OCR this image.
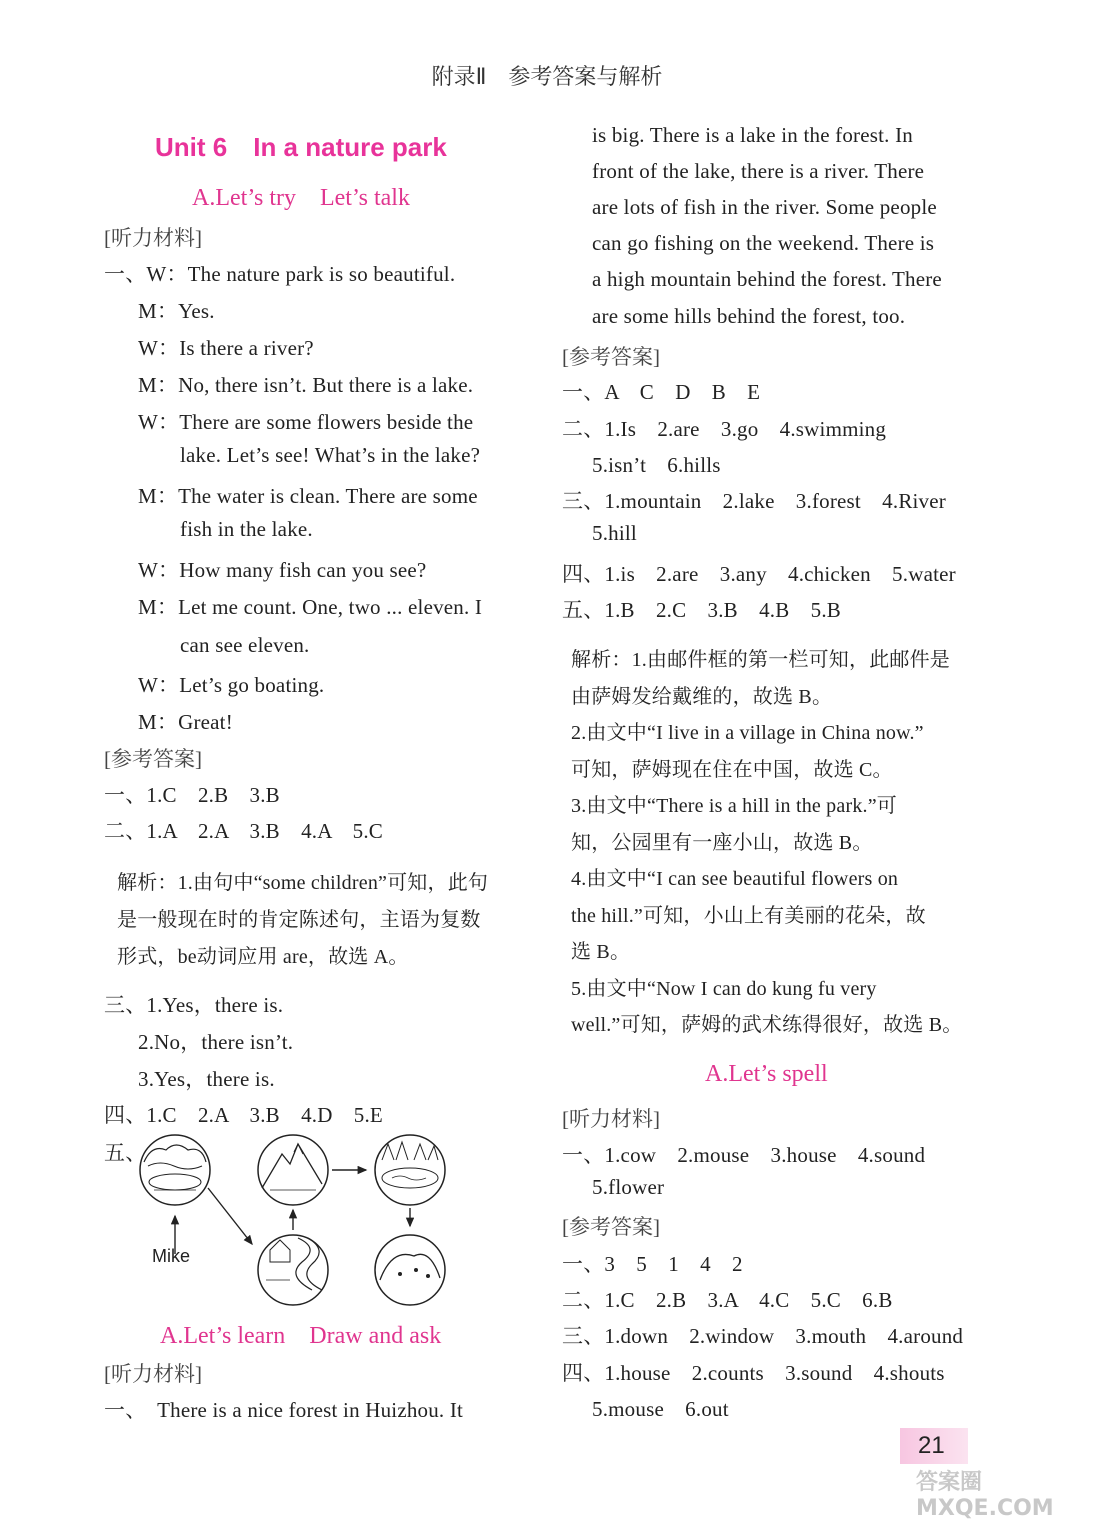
附录Ⅱ　参考答案与解析
Unit 6　In a nature park
A.Let’s try　Let’s talk
[听力材料]
一、W：The nature park is so beautiful.
M：Yes.
W：Is there a river?
M：No, there isn’t. But there is a lake.
W：There are some flowers beside the
lake. Let’s see! What’s in the lake?
M：The water is clean. There are some
fish in the lake.
W：How many fish can you see?
M：Let me count. One, two ... eleven. I
can see eleven.
W：Let’s go boating.
M：Great!
[参考答案]
一、1.C　2.B　3.B
二、1.A　2.A　3.B　4.A　5.C
解析：1.由句中“some children”可知，此句
是一般现在时的肯定陈述句，主语为复数
形式，be动词应用 are，故选 A。
三、1.Yes，there is.
2.No，there isn’t.
3.Yes，there is.
四、1.C　2.A　3.B　4.D　5.E
五、
Mike
A.Let’s learn　Draw and ask
[听力材料]
一、　There is a nice forest in Huizhou. It
is big. There is a lake in the forest. In
front of the lake, there is a river. There
are lots of fish in the river. Some people
can go fishing on the weekend. There is
a high mountain behind the forest. There
are some hills behind the forest, too.
[参考答案]
一、A　C　D　B　E
二、1.Is　2.are　3.go　4.swimming
5.isn’t　6.hills
三、1.mountain　2.lake　3.forest　4.River
5.hill
四、1.is　2.are　3.any　4.chicken　5.water
五、1.B　2.C　3.B　4.B　5.B
解析：1.由邮件框的第一栏可知，此邮件是
由萨姆发给戴维的，故选 B。
2.由文中“I live in a village in China now.”
可知，萨姆现在住在中国，故选 C。
3.由文中“There is a hill in the park.”可
知，公园里有一座小山，故选 B。
4.由文中“I can see beautiful flowers on
the hill.”可知，小山上有美丽的花朵，故
选 B。
5.由文中“Now I can do kung fu very
well.”可知，萨姆的武术练得很好，故选 B。
A.Let’s spell
[听力材料]
一、1.cow　2.mouse　3.house　4.sound
5.flower
[参考答案]
一、3　5　1　4　2
二、1.C　2.B　3.A　4.C　5.C　6.B
三、1.down　2.window　3.mouth　4.around
四、1.house　2.counts　3.sound　4.shouts
5.mouse　6.out
21
答案圈 MXQE.COM
